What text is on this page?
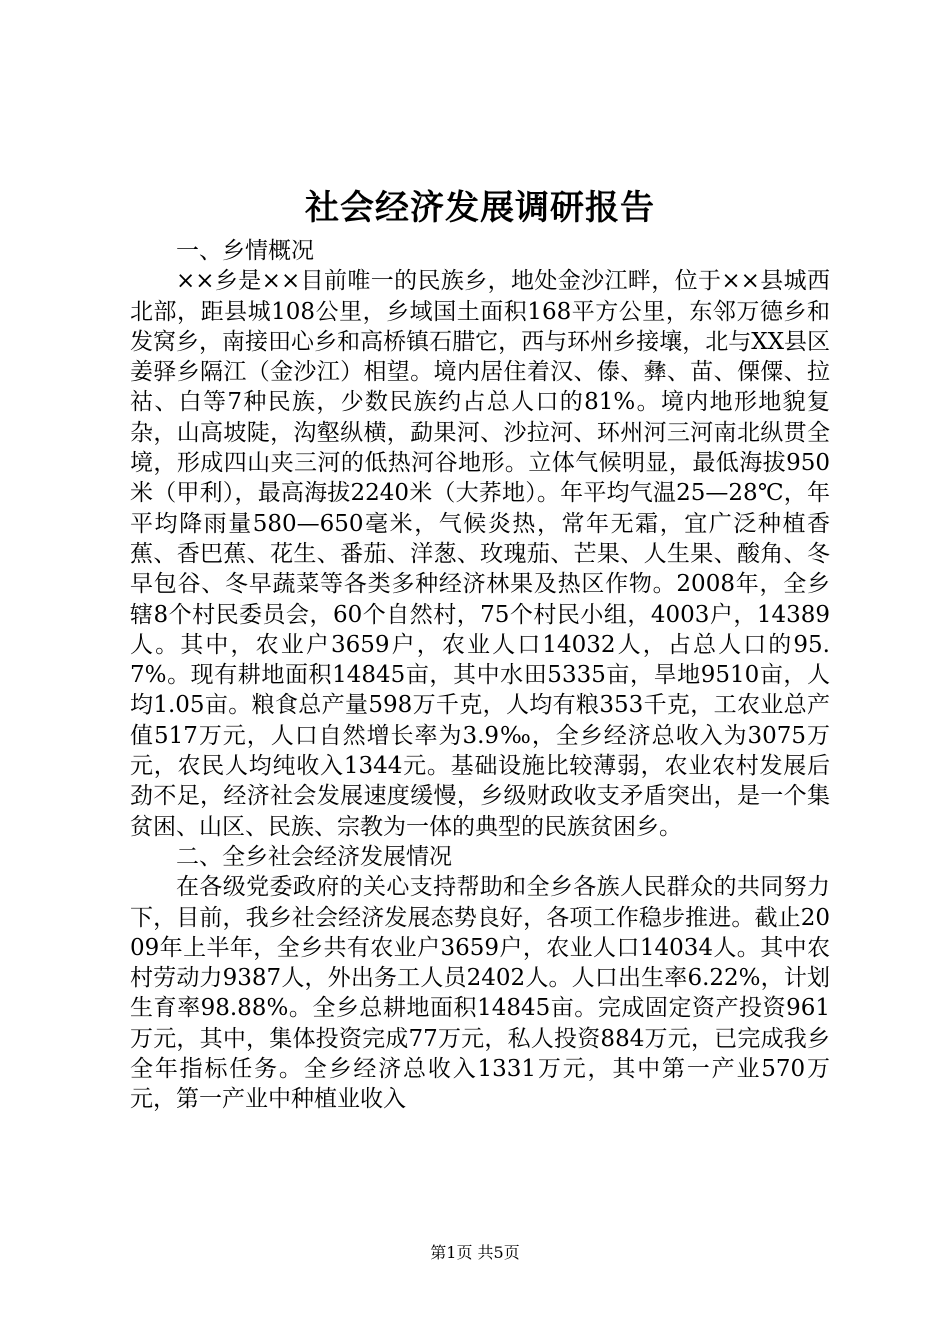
社会经济发展调研报告

一、乡情概况

××乡是××目前唯一的民族乡，地处金沙江畔，位于××县城西北部，距县城108公里，乡域国土面积168平方公里，东邻万德乡和发窝乡，南接田心乡和高桥镇石腊它，西与环州乡接壤，北与XX县区姜驿乡隔江（金沙江）相望。境内居住着汉、傣、彝、苗、傈僳、拉祜、白等7种民族，少数民族约占总人口的81%。境内地形地貌复杂，山高坡陡，沟壑纵横，勐果河、沙拉河、环州河三河南北纵贯全境，形成四山夹三河的低热河谷地形。立体气候明显，最低海拔950米（甲利），最高海拔2240米（大荞地）。年平均气温25—28℃，年平均降雨量580—650毫米，气候炎热，常年无霜，宜广泛种植香蕉、香巴蕉、花生、番茄、洋葱、玫瑰茄、芒果、人生果、酸角、冬早包谷、冬早蔬菜等各类多种经济林果及热区作物。2008年，全乡辖8个村民委员会，60个自然村，75个村民小组，4003户，14389人。其中，农业户3659户，农业人口14032人，占总人口的95.7%。现有耕地面积14845亩，其中水田5335亩，旱地9510亩，人均1.05亩。粮食总产量598万千克，人均有粮353千克，工农业总产值517万元，人口自然增长率为3.9‰，全乡经济总收入为3075万元，农民人均纯收入1344元。基础设施比较薄弱，农业农村发展后劲不足，经济社会发展速度缓慢，乡级财政收支矛盾突出，是一个集贫困、山区、民族、宗教为一体的典型的民族贫困乡。

二、全乡社会经济发展情况

在各级党委政府的关心支持帮助和全乡各族人民群众的共同努力下，目前，我乡社会经济发展态势良好，各项工作稳步推进。截止2009年上半年，全乡共有农业户3659户，农业人口14034人。其中农村劳动力9387人，外出务工人员2402人。人口出生率6.22%，计划生育率98.88%。全乡总耕地面积14845亩。完成固定资产投资961万元，其中，集体投资完成77万元，私人投资884万元，已完成我乡全年指标任务。全乡经济总收入1331万元，其中第一产业570万元，第一产业中种植业收入

第1页 共5页
